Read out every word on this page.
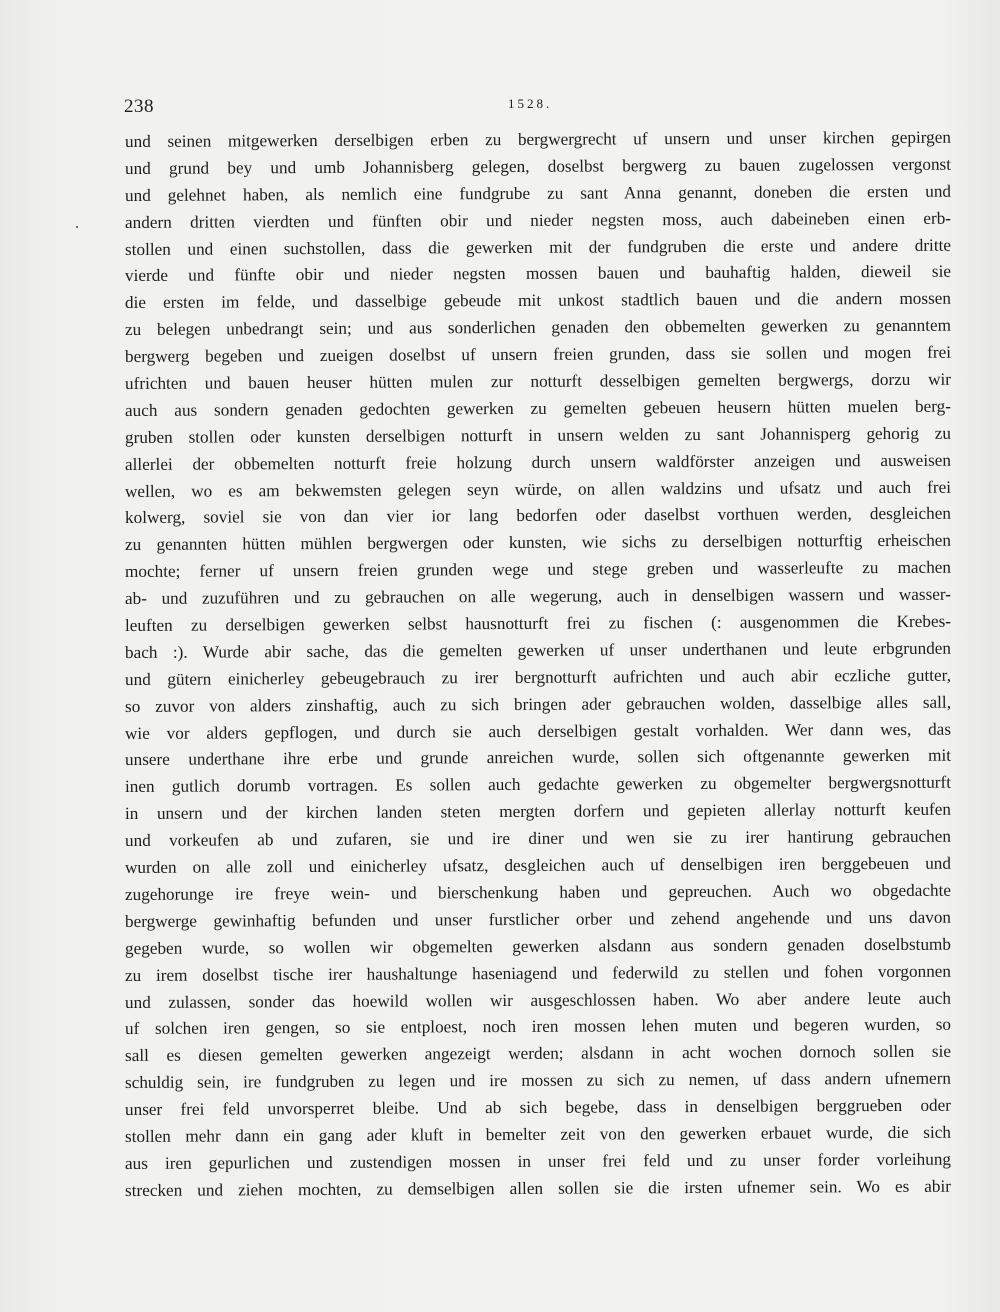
238	1528.
und seinen mitgewerken derselbigen erben zu bergwergrecht uf unsern und unser kirchen gepirgen
und grund bey und umb Johannisberg gelegen, doselbst bergwerg zu bauen zugelossen vergonst
und gelehnet haben, als nemlich eine fundgrube zu sant Anna genannt, doneben die ersten und
andern dritten vierdten und fünften obir und nieder negsten moss, auch dabeineben einen erb-
stollen und einen suchstollen, dass die gewerken mit der fundgruben die erste und andere dritte
vierde und fünfte obir und nieder negsten mossen bauen und bauhaftig halden, dieweil sie
die ersten im felde, und dasselbige gebeude mit unkost stadtlich bauen und die andern mossen
zu belegen unbedrangt sein; und aus sonderlichen genaden den obbemelten gewerken zu genanntem
bergwerg begeben und zueigen doselbst uf unsern freien grunden, dass sie sollen und mogen frei
ufrichten und bauen heuser hütten mulen zur notturft desselbigen gemelten bergwergs, dorzu wir
auch aus sondern genaden gedochten gewerken zu gemelten gebeuen heusern hütten muelen berg-
gruben stollen oder kunsten derselbigen notturft in unsern welden zu sant Johannisperg gehorig zu
allerlei der obbemelten notturft freie holzung durch unsern waldförster anzeigen und ausweisen
wellen, wo es am bekwemsten gelegen seyn würde, on allen waldzins und ufsatz und auch frei
kolwerg, soviel sie von dan vier ior lang bedorfen oder daselbst vorthuen werden, desgleichen
zu genannten hütten mühlen bergwergen oder kunsten, wie sichs zu derselbigen notturftig erheischen
mochte; ferner uf unsern freien grunden wege und stege greben und wasserleufte zu machen
ab- und zuzuführen und zu gebrauchen on alle wegerung, auch in denselbigen wassern und wasser-
leuften zu derselbigen gewerken selbst hausnotturft frei zu fischen (: ausgenommen die Krebes-
bach :). Wurde abir sache, das die gemelten gewerken uf unser underthanen und leute erbgrunden
und gütern einicherley gebeugebrauch zu irer bergnotturft aufrichten und auch abir eczliche gutter,
so zuvor von alders zinshaftig, auch zu sich bringen ader gebrauchen wolden, dasselbige alles sall,
wie vor alders gepflogen, und durch sie auch derselbigen gestalt vorhalden. Wer dann wes, das
unsere underthane ihre erbe und grunde anreichen wurde, sollen sich oftgenannte gewerken mit
inen gutlich dorumb vortragen. Es sollen auch gedachte gewerken zu obgemelter bergwergsnotturft
in unsern und der kirchen landen steten mergten dorfern und gepieten allerlay notturft keufen
und vorkeufen ab und zufaren, sie und ire diner und wen sie zu irer hantirung gebrauchen
wurden on alle zoll und einicherley ufsatz, desgleichen auch uf denselbigen iren berggebeuen und
zugehorunge ire freye wein- und bierschenkung haben und gepreuchen. Auch wo obgedachte
bergwerge gewinhaftig befunden und unser furstlicher orber und zehend angehende und uns davon
gegeben wurde, so wollen wir obgemelten gewerken alsdann aus sondern genaden doselbstumb
zu irem doselbst tische irer haushaltunge haseniagend und federwild zu stellen und fohen vorgonnen
und zulassen, sonder das hoewild wollen wir ausgeschlossen haben. Wo aber andere leute auch
uf solchen iren gengen, so sie entploest, noch iren mossen lehen muten und begeren wurden, so
sall es diesen gemelten gewerken angezeigt werden; alsdann in acht wochen dornoch sollen sie
schuldig sein, ire fundgruben zu legen und ire mossen zu sich zu nemen, uf dass andern ufnemern
unser frei feld unvorsperret bleibe. Und ab sich begebe, dass in denselbigen berggrueben oder
stollen mehr dann ein gang ader kluft in bemelter zeit von den gewerken erbauet wurde, die sich
aus iren gepurlichen und zustendigen mossen in unser frei feld und zu unser forder vorleihung
strecken und ziehen mochten, zu demselbigen allen sollen sie die irsten ufnemer sein. Wo es abir
